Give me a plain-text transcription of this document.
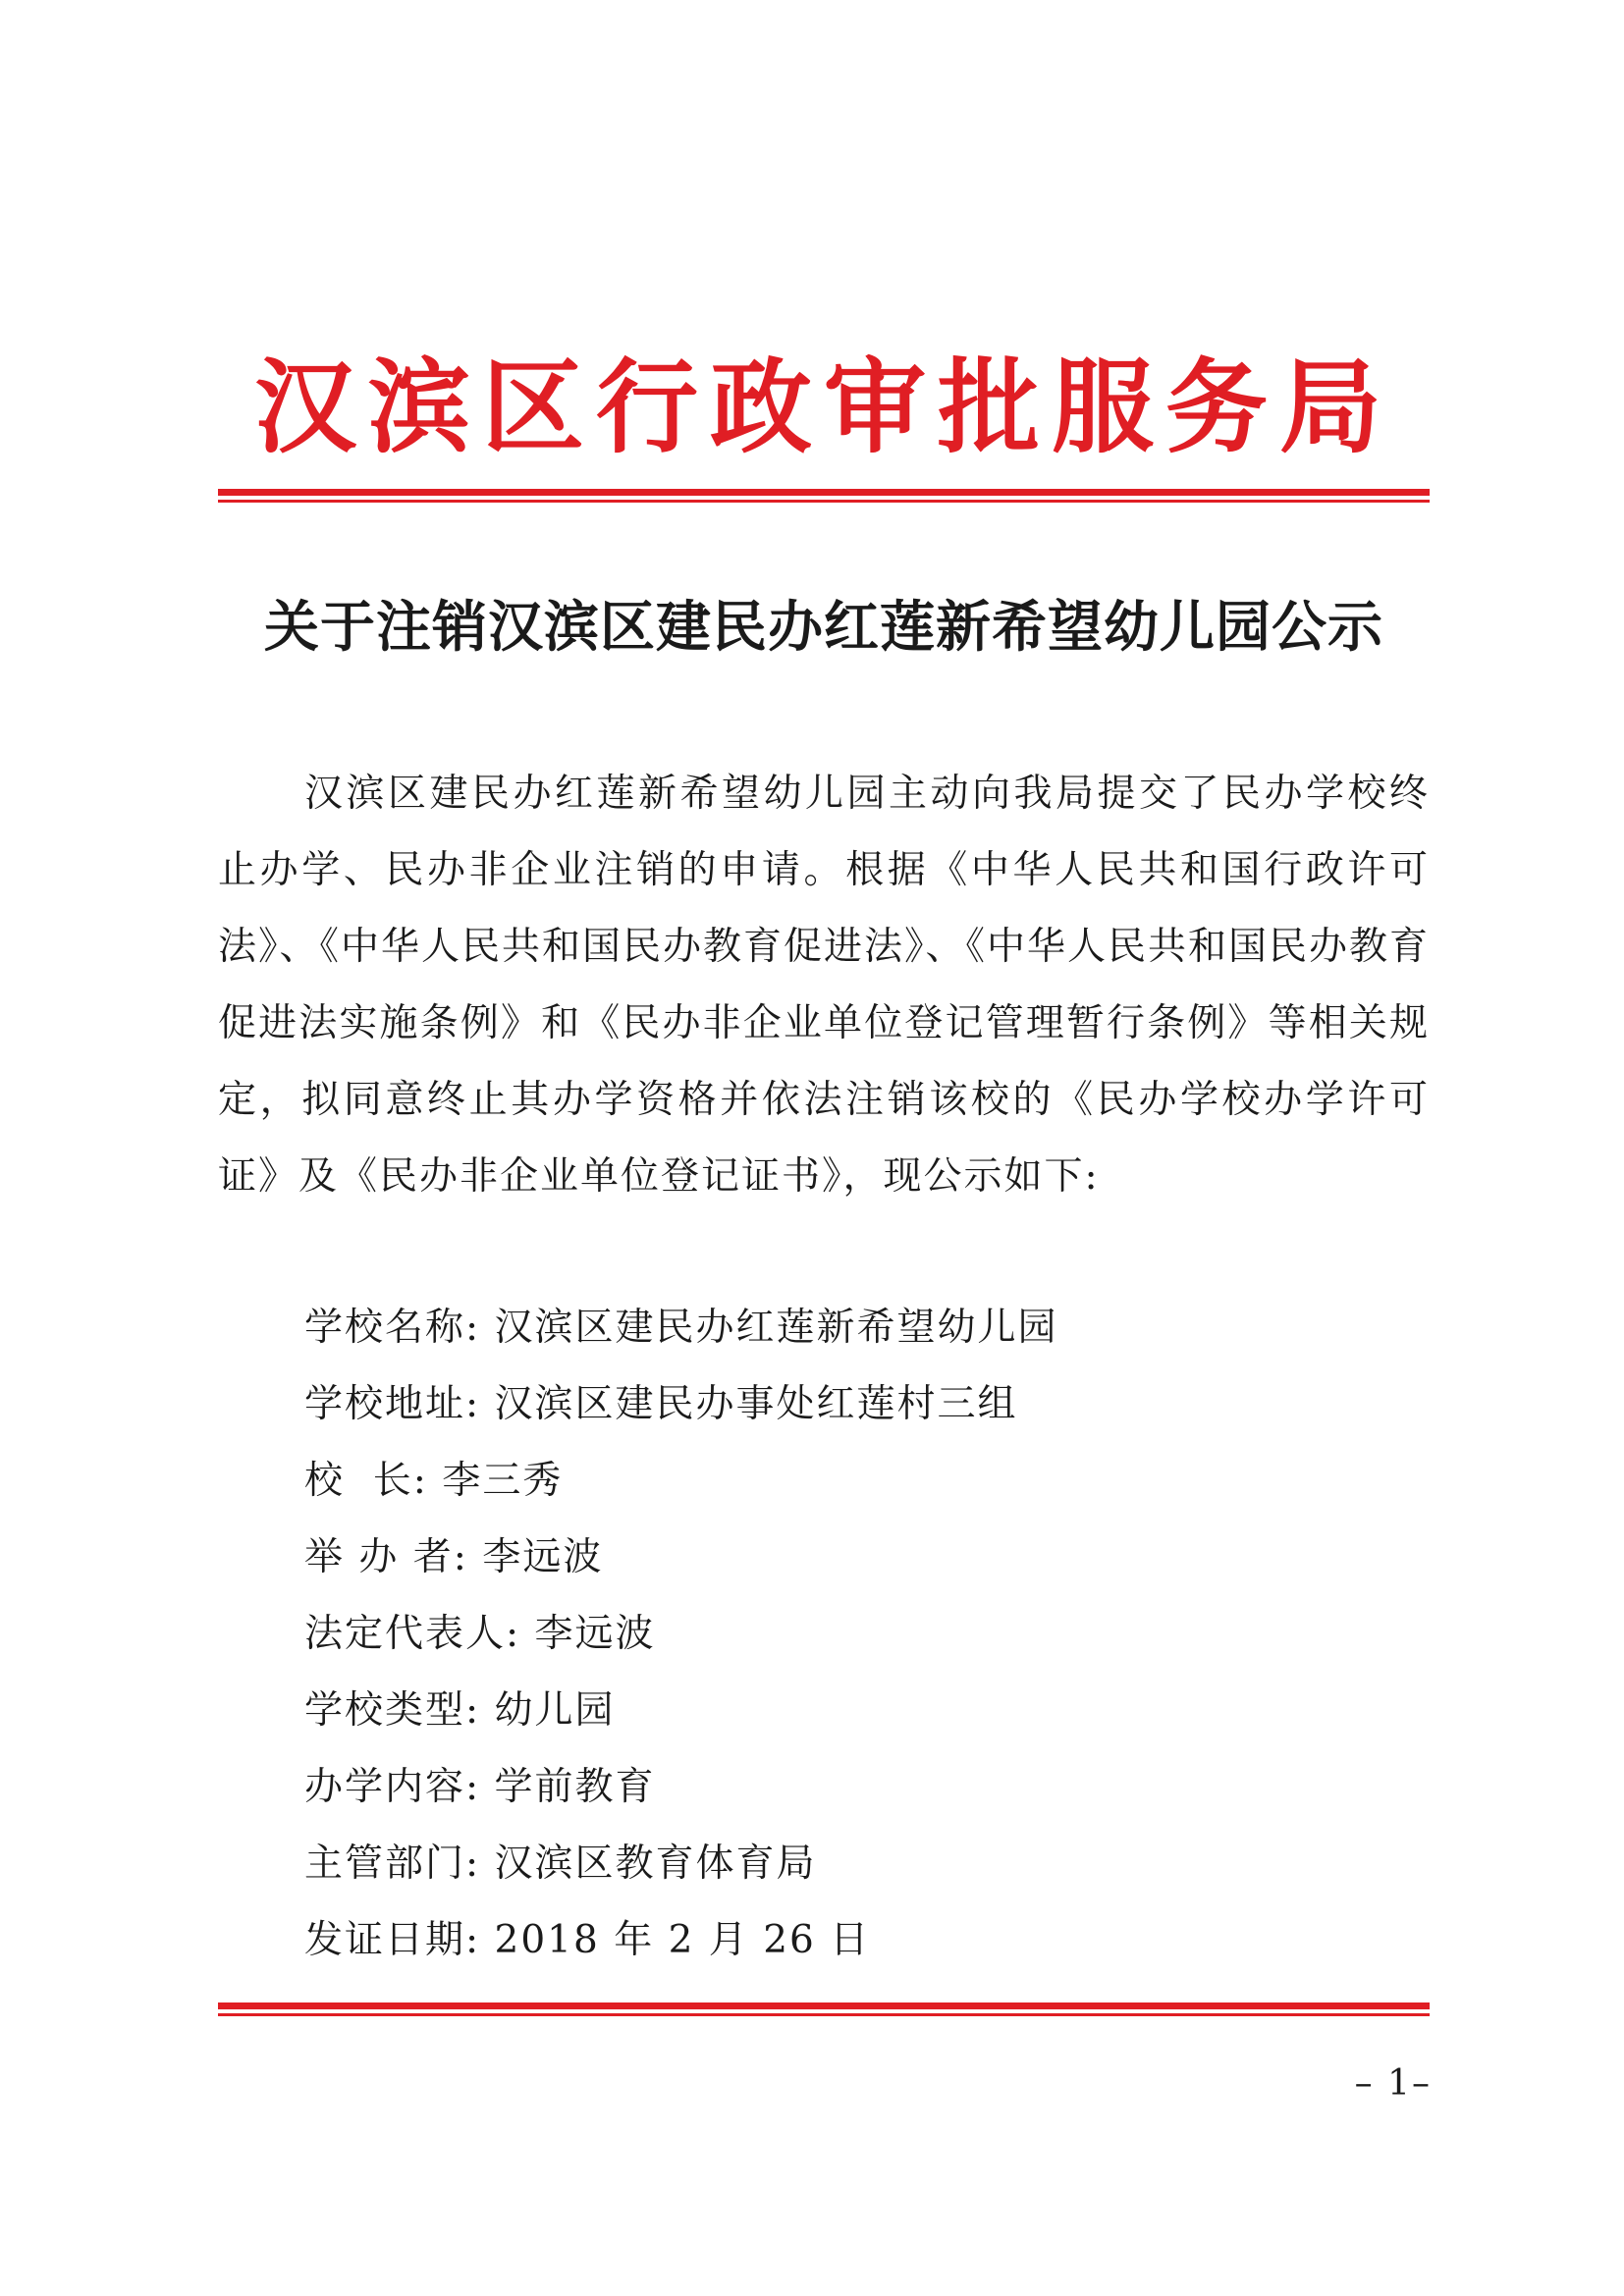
汉滨区行政审批服务局
关于注销汉滨区建民办红莲新希望幼儿园公示

汉滨区建民办红莲新希望幼儿园主动向我局提交了民办学校终止办学、民办非企业注销的申请。根据《中华人民共和国行政许可法》、《中华人民共和国民办教育促进法》、《中华人民共和国民办教育促进法实施条例》和《民办非企业单位登记管理暂行条例》等相关规定，拟同意终止其办学资格并依法注销该校的《民办学校办学许可证》及《民办非企业单位登记证书》，现公示如下:

学校名称: 汉滨区建民办红莲新希望幼儿园
学校地址: 汉滨区建民办事处红莲村三组
校  长: 李三秀
举 办 者: 李远波
法定代表人: 李远波
学校类型: 幼儿园
办学内容: 学前教育
主管部门: 汉滨区教育体育局
发证日期: 2018 年 2 月 26 日
– 1–
